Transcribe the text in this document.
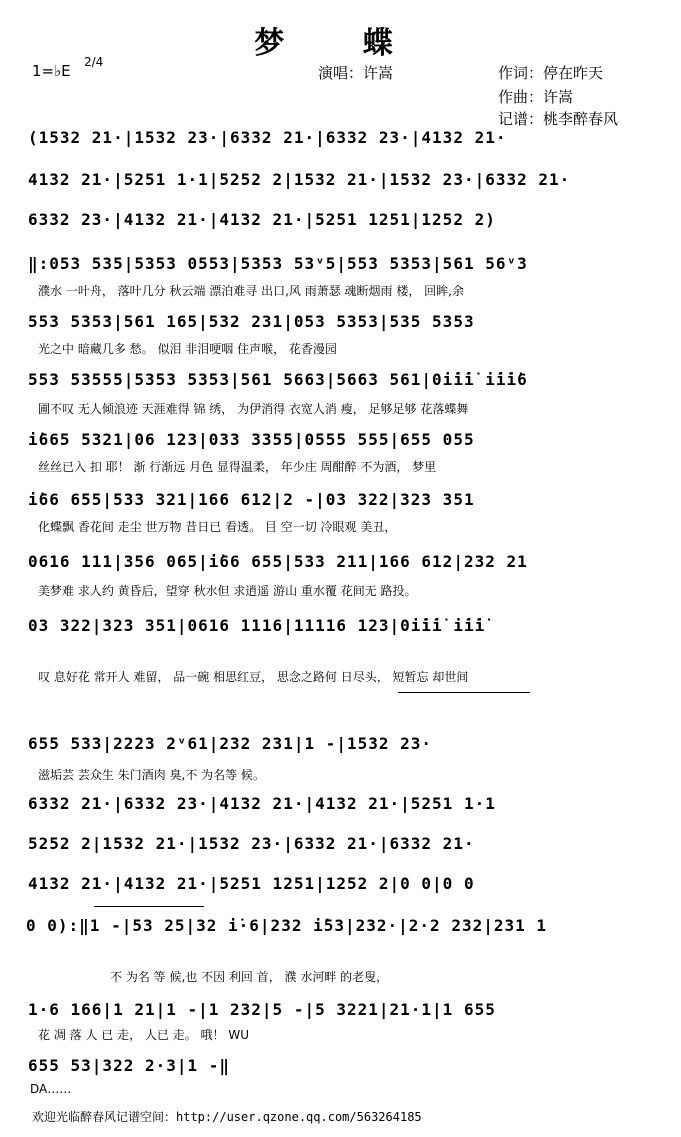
梦 蝶
1=♭E 2/4
演唱：许嵩	作词：停在昨天
作曲：许嵩
记谱：桃李醉春风
(1532 21·|1532 23·|6332 21·|6332 23·|4132 21·
4132 21·|5251 1·1|5252 2|1532 21·|1532 23·|6332 21·
6332 23·|4132 21·|4132 21·|5251 1251|1252 2)
‖:053 535|5353 0553|5353 53ᵛ5|553 5353|561 56ᵛ3
濮水 一叶舟， 落叶几分 秋云端 漂泊难寻 出口,风 雨萧瑟 魂断烟雨 楼， 回眸,余
553 5353|561 165|532 231|053 5353|535 5353
光之中 暗藏几多 愁。 似泪 非泪哽咽 住声喉， 花香漫园
553 53555|5353 5353|561 5663|5663 561|0i̇i̇i̇ i̇i̇i̇6
圃不叹 无人倾浪迹 天涯难得 锦 绣， 为伊消得 衣宽人消 瘦， 足够足够 花落蝶舞
i̇665 5321|06 123|033 3355|0555 555|655 055
丝丝已入 扣 耶！ 渐 行渐远 月色 显得温柔， 年少庄 周酣醉 不为酒， 梦里
i̇66 655|533 321|166 612|2 -|03 322|323 351
化蝶飘 香花间 走尘 世万物 昔日已 看透。 目 空一切 冷眼观 美丑，
0616 111|356 065|i̇66 655|533 211|166 612|232 21
美梦难 求人约 黄昏后，望穿 秋水但 求逍遥 游山 重水覆 花间无 路投。
03 322|323 351|0616 1116|11116 123|0i̇i̇i̇ i̇i̇i̇
叹 息好花 常开人 难留， 品一碗 相思红豆， 思念之路何 日尽头， 短暂忘 却世间
655 533|2223 2ᵛ61|232 231|1 -|1532 23·
滋垢芸 芸众生 朱门酒肉 臭,不 为名等 候。
6332 21·|6332 23·|4132 21·|4132 21·|5251 1·1
5252 2|1532 21·|1532 23·|6332 21·|6332 21·
4132 21·|4132 21·|5251 1251|1252 2|0 0|0 0
0 0):‖1 -|53 25|32 i̇·6|232 i̇53|232·|2·2 232|231 1
不 为名 等 候,也 不因 利回 首， 濮 水河畔 的老叟，
1·6 166|1 21|1 -|1 232|5 -|5 3221|21·1|1 655
花 凋 落 人 已 走， 人已 走。 哦！ WU
655 53|322 2·3|1 -‖
DA……
欢迎光临醉春风记谱空间：http://user.qzone.qq.com/563264185
